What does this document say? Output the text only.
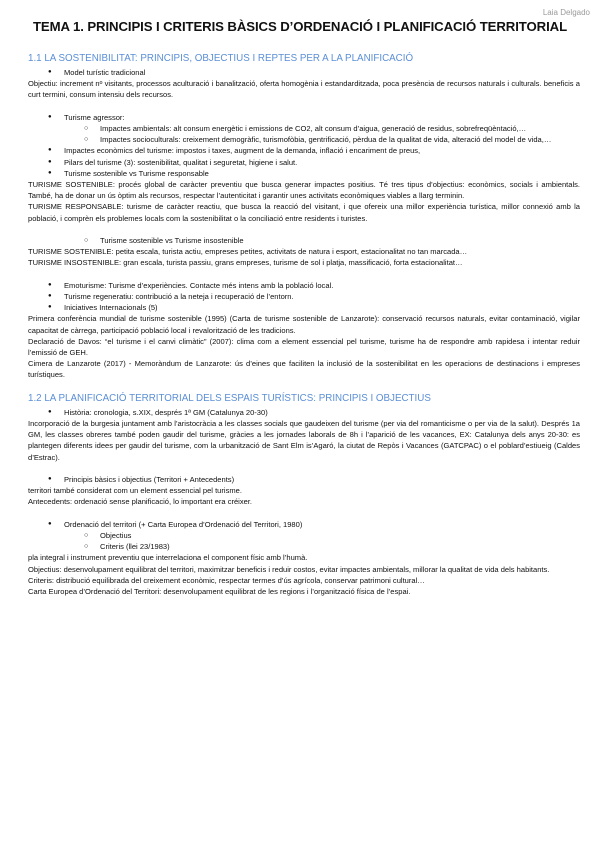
Laia Delgado
TEMA 1. PRINCIPIS I CRITERIS BÀSICS D’ORDENACIÓ I PLANIFICACIÓ TERRITORIAL
1.1 LA SOSTENIBILITAT: PRINCIPIS, OBJECTIUS I REPTES PER A LA PLANIFICACIÓ
● Model turístic tradicional
Objectiu: increment nº visitants, processos aculturació i banalització, oferta homogènia i estandarditzada, poca presència de recursos naturals i culturals. beneficis a curt termini, consum intensiu dels recursos.
● Turisme agressor:
○ Impactes ambientals: alt consum energètic i emissions de CO2, alt consum d’aigua, generació de residus, sobrefreqüèntació,…
○ Impactes socioculturals: creixement demogràfic, turismofòbia, gentrificació, pèrdua de la qualitat de vida, alteració del model de vida,…
● Impactes econòmics del turisme: impostos i taxes, augment de la demanda, inflació i encariment de preus,
● Pilars del turisme (3): sostenibilitat, qualitat i seguretat, higiene i salut.
● Turisme sostenible vs Turisme responsable
TURISME SOSTENIBLE: procés global de caràcter preventiu que busca generar impactes positius. Té tres tipus d’objectius: econòmics, socials i ambientals. També, ha de donar un ús òptim als recursos, respectar l’autenticitat i garantir unes activitats econòmiques viables a llarg terminin.
TURISME RESPONSABLE: turisme de caràcter reactiu, que busca la reacció del visitant, i que ofereix una millor experiència turística, millor connexió amb la població, i comprèn els problemes locals com la sostenibilitat o la conciliació entre residents i turistes.
○ Turisme sostenible vs Turisme insostenible
TURISME SOSTENIBLE: petita escala, turista actiu, empreses petites, activitats de natura i esport, estacionalitat no tan marcada…
TURISME INSOSTENIBLE: gran escala, turista passiu, grans empreses, turisme de sol i platja, massificació, forta estacionalitat…
● Emoturisme: Turisme d’experiències. Contacte més intens amb la població local.
● Turisme regeneratiu: contribució a la neteja i recuperació de l’entorn.
● Iniciatives Internacionals (5)
Primera conferència mundial de turisme sostenible (1995) (Carta de turisme sostenible de Lanzarote): conservació recursos naturals, evitar contaminació, vigilar capacitat de càrrega, participació població local i revalorització de les tradicions.
Declaració de Davos: “el turisme i el canvi climàtic” (2007): clima com a element essencial pel turisme, turisme ha de respondre amb rapidesa i intentar reduir l’emissió de GEH.
Cimera de Lanzarote (2017) - Memoràndum de Lanzarote: ús d’eines que faciliten la inclusió de la sostenibilitat en les operacions de destinacions i empreses turístiques.
1.2 LA PLANIFICACIÓ TERRITORIAL DELS ESPAIS TURÍSTICS: PRINCIPIS I OBJECTIUS
● Història: cronologia, s.XIX, després 1ª GM (Catalunya 20-30)
Incorporació de la burgesia juntament amb l’aristocràcia a les classes socials que gaudeixen del turisme (per via del romanticisme o per via de la salut). Després 1a GM, les classes obreres també poden gaudir del turisme, gràcies a les jornades laborals de 8h i l’aparició de les vacances, EX: Catalunya dels anys 20-30: es plantegen diferents idees per gaudir del turisme, com la urbanització de Sant Elm is’Agaró, la ciutat de Repòs i Vacances (GATCPAC) o el poblard’estiueig (Caldes d’Estrac).
● Principis bàsics i objectius (Territori + Antecedents)
territori també considerat com un element essencial pel turisme.
Antecedents: ordenació sense planificació, lo important era créixer.
● Ordenació del territori (+ Carta Europea d’Ordenació del Territori, 1980)
○ Objectius
○ Criteris (llei 23/1983)
pla integral i instrument preventiu que interrelaciona el component físic amb l’humà.
Objectius: desenvolupament equilibrat del territori, maximitzar beneficis i reduir costos, evitar impactes ambientals, millorar la qualitat de vida dels habitants.
Criteris: distribució equilibrada del creixement econòmic, respectar termes d’ús agrícola, conservar patrimoni cultural…
Carta Europea d’Ordenació del Territori: desenvolupament equilibrat de les regions i l’organització física de l’espai.
